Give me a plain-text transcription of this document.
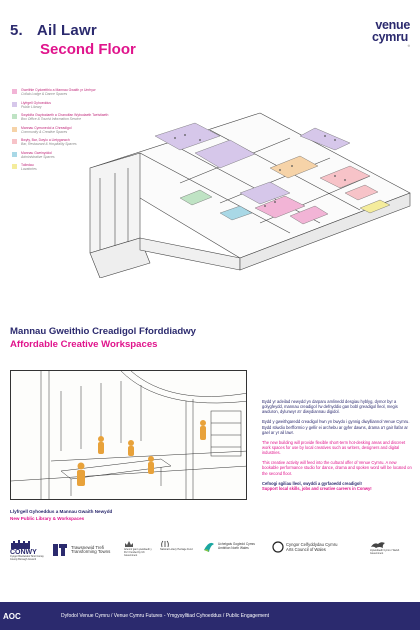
5. Ail Lawr
Second Floor
venue
cymru
®
Gweithle Cydweithio a Mannau Gwaith yr Unrhyw
Collab Lodge & Dance Spaces
Llyfrgell Gyhoeddus
Public Library
Swyddfa Gwybodaeth a Chanolfan Wybodaeth Twristiaeth
Box Office & Tourist Information Service
Mannau Cymunedol a Chreadigol
Community & Creative Spaces
Bwyty, Bar, Dwylo a Lletygarwch
Bar, Restaurant & Hospitality Spaces
Mannau Gweinyddol
Administrative Spaces
Toiledau
Lavatories
Mannau Gweithio Creadigol Fforddiadwy
Affordable Creative Workspaces
Llyfrgell Gyhoeddus a Mannau Gwaith Newydd
New Public Library & Workspaces

Bydd yr adeilad newydd yn darparu amlinedd desgiau hyblyg, dymor byr a golygfeydd, mannau creadigol i'w defnyddio gan bobl greadigol lleol, megis awduron, dylunwyr a'r diwydiannau digidol.

Bydd y gweithgaredd creadigol hwn yn bwydo i gynnig diwylliannol Venue Cymru. Bydd stiwdio berfformio y gellir ei archebu ar gyfer dawns, drama a'r gair llafar ar gael ar yr ail lawr.

The new building will provide flexible short-term hot-desking areas and discreet work spaces for use by local creatives such as writers, designers and digital industries.

This creative activity will feed into the cultural offer of Venue Cymru. A new bookable performance studio for dance, drama and spoken word will be located on the second floor.

Cefnogi sgiliau lleol, swyddi a gyrfaoedd creadigol!

Support local skills, jobs and creative careers in Conwy!

CONWY
Cyngor Bwrdeistref Sirol Conwy County Borough Council
Trawsnewid Trefi
Transforming Towns	Ariennir gan Lywodraeth y DU / Funded by UK Government
National Lottery Heritage Fund
Uchelgais Gogledd Cymru
Ambition North Wales
Cyngor Celfyddydau Cymru
Arts Council of Wales	Llywodraeth Cymru / Welsh Government
AOC	Dyfodol Venue Cymru / Venue Cymru Futures - Ymgysylltiad Cyhoeddus / Public Engagement
